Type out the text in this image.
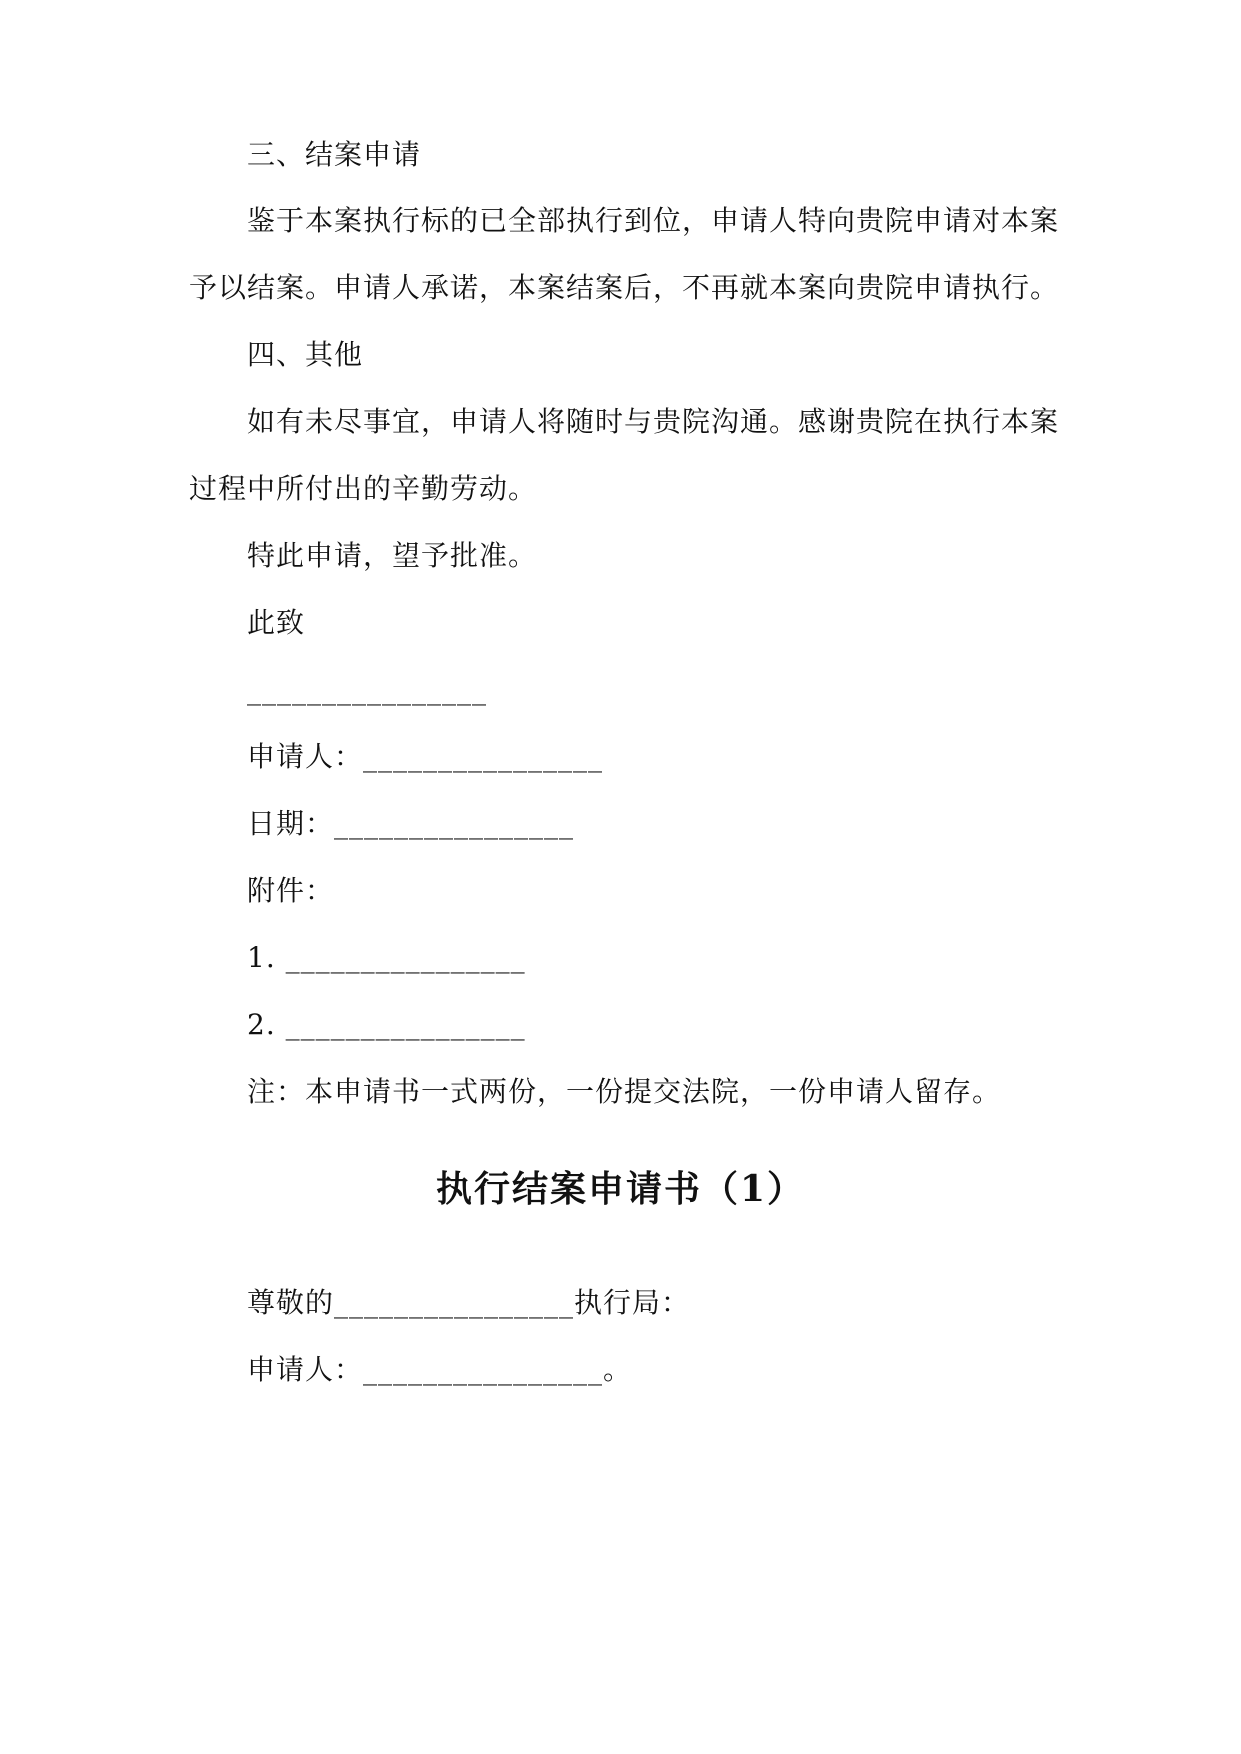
三、结案申请
鉴于本案执行标的已全部执行到位，申请人特向贵院申请对本案
予以结案。申请人承诺，本案结案后，不再就本案向贵院申请执行。
四、其他
如有未尽事宜，申请人将随时与贵院沟通。感谢贵院在执行本案
过程中所付出的辛勤劳动。
特此申请，望予批准。
此致
________________
申请人：________________
日期：________________
附件：
1. ________________
2. ________________
注：本申请书一式两份，一份提交法院，一份申请人留存。
执行结案申请书（1）
尊敬的________________执行局：
申请人：________________。
